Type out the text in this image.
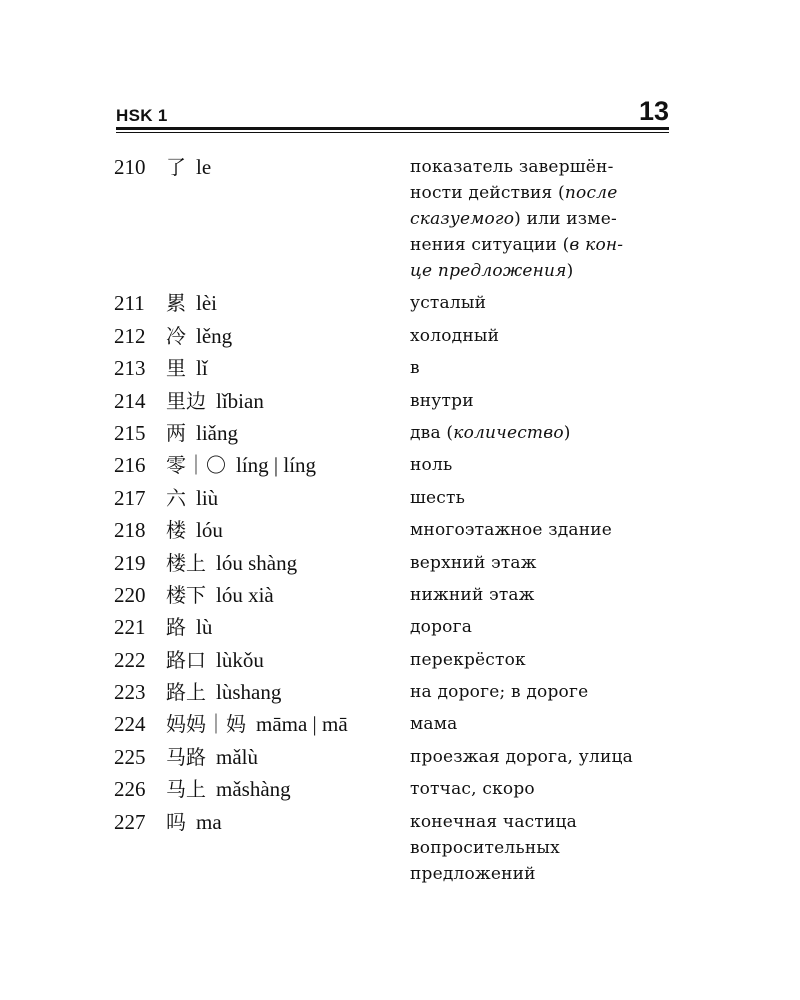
HSK 1	13
210	了 le	показатель завершён-
ности действия (после
сказуемого) или изме-
нения ситуации (в кон-
це предложения)
211	累 lèi	усталый
212	冷 lěng	холодный
213	里 lǐ	в
214	里边 lǐbian	внутри
215	两 liǎng	два (количество)
216	零｜〇 líng | líng	ноль
217	六 liù	шесть
218	楼 lóu	многоэтажное здание
219	楼上 lóu shàng	верхний этаж
220	楼下 lóu xià	нижний этаж
221	路 lù	дорога
222	路口 lùkǒu	перекрёсток
223	路上 lùshang	на дороге; в дороге
224	妈妈｜妈 māma | mā	мама
225	马路 mǎlù	проезжая дорога, улица
226	马上 mǎshàng	тотчас, скоро
227	吗 ma	конечная частица
вопросительных
предложений
